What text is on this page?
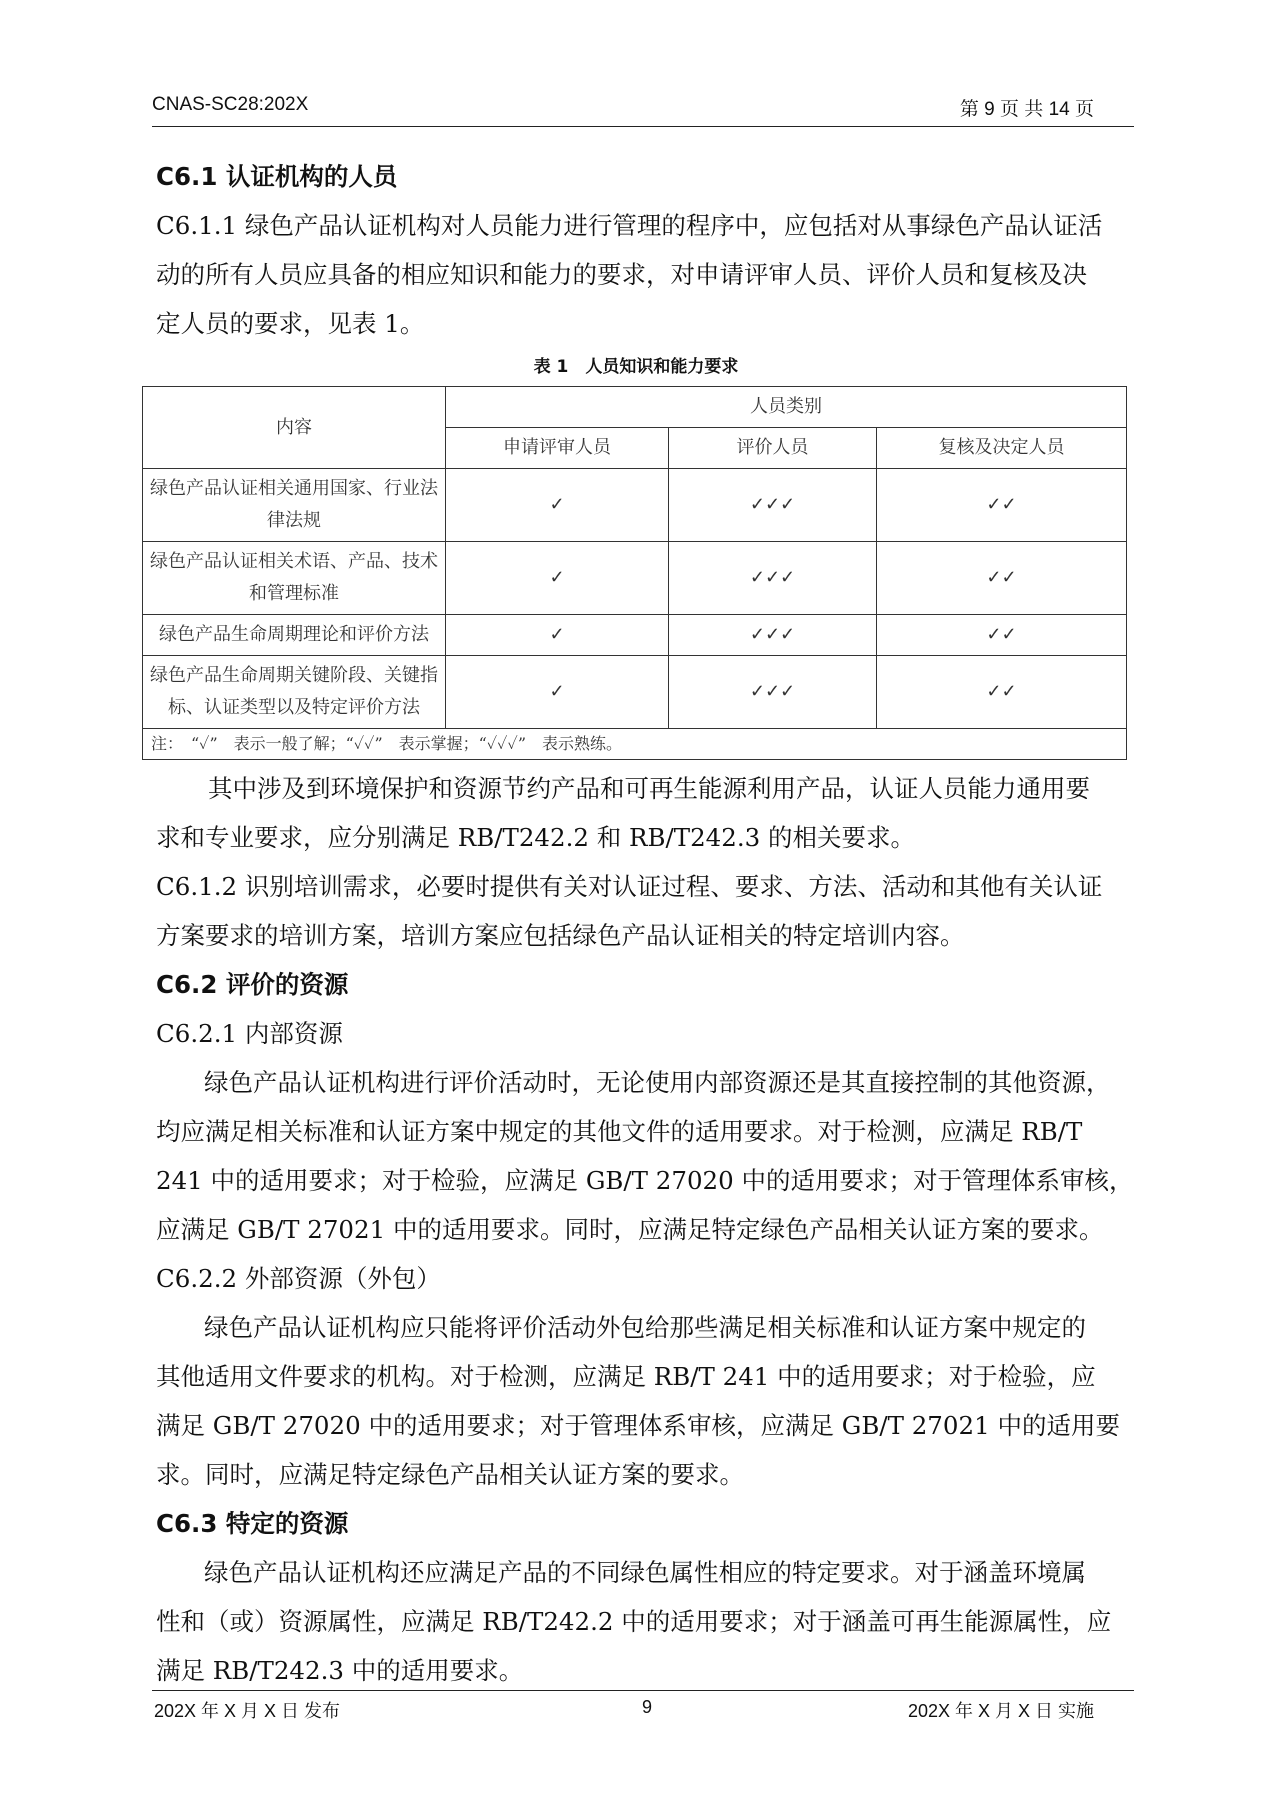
CNAS-SC28:202X	第 9 页 共 14 页
C6.1 认证机构的人员
C6.1.1 绿色产品认证机构对人员能力进行管理的程序中，应包括对从事绿色产品认证活
动的所有人员应具备的相应知识和能力的要求，对申请评审人员、评价人员和复核及决
定人员的要求，见表 1。
表 1　人员知识和能力要求
内容	人员类别		
	申请评审人员	评价人员	复核及决定人员
绿色产品认证相关通用国家、行业法律法规	✓	✓✓✓	✓✓
绿色产品认证相关术语、产品、技术和管理标准	✓	✓✓✓	✓✓
绿色产品生命周期理论和评价方法	✓	✓✓✓	✓✓
绿色产品生命周期关键阶段、关键指标、认证类型以及特定评价方法	✓	✓✓✓	✓✓
注：　“✓”　表示一般了解；“✓✓”　表示掌握；“✓✓✓”　表示熟练。			
其中涉及到环境保护和资源节约产品和可再生能源利用产品，认证人员能力通用要
求和专业要求，应分别满足 RB/T242.2 和 RB/T242.3 的相关要求。
C6.1.2 识别培训需求，必要时提供有关对认证过程、要求、方法、活动和其他有关认证
方案要求的培训方案，培训方案应包括绿色产品认证相关的特定培训内容。
C6.2 评价的资源
C6.2.1 内部资源
绿色产品认证机构进行评价活动时，无论使用内部资源还是其直接控制的其他资源，
均应满足相关标准和认证方案中规定的其他文件的适用要求。对于检测，应满足 RB/T
241 中的适用要求；对于检验，应满足 GB/T 27020 中的适用要求；对于管理体系审核，
应满足 GB/T 27021 中的适用要求。同时，应满足特定绿色产品相关认证方案的要求。
C6.2.2 外部资源（外包）
绿色产品认证机构应只能将评价活动外包给那些满足相关标准和认证方案中规定的
其他适用文件要求的机构。对于检测，应满足 RB/T 241 中的适用要求；对于检验，应
满足 GB/T 27020 中的适用要求；对于管理体系审核，应满足 GB/T 27021 中的适用要
求。同时，应满足特定绿色产品相关认证方案的要求。
C6.3 特定的资源
绿色产品认证机构还应满足产品的不同绿色属性相应的特定要求。对于涵盖环境属
性和（或）资源属性，应满足 RB/T242.2 中的适用要求；对于涵盖可再生能源属性，应
满足 RB/T242.3 中的适用要求。
202X 年 X 月 X 日 发布	9	202X 年 X 月 X 日 实施
